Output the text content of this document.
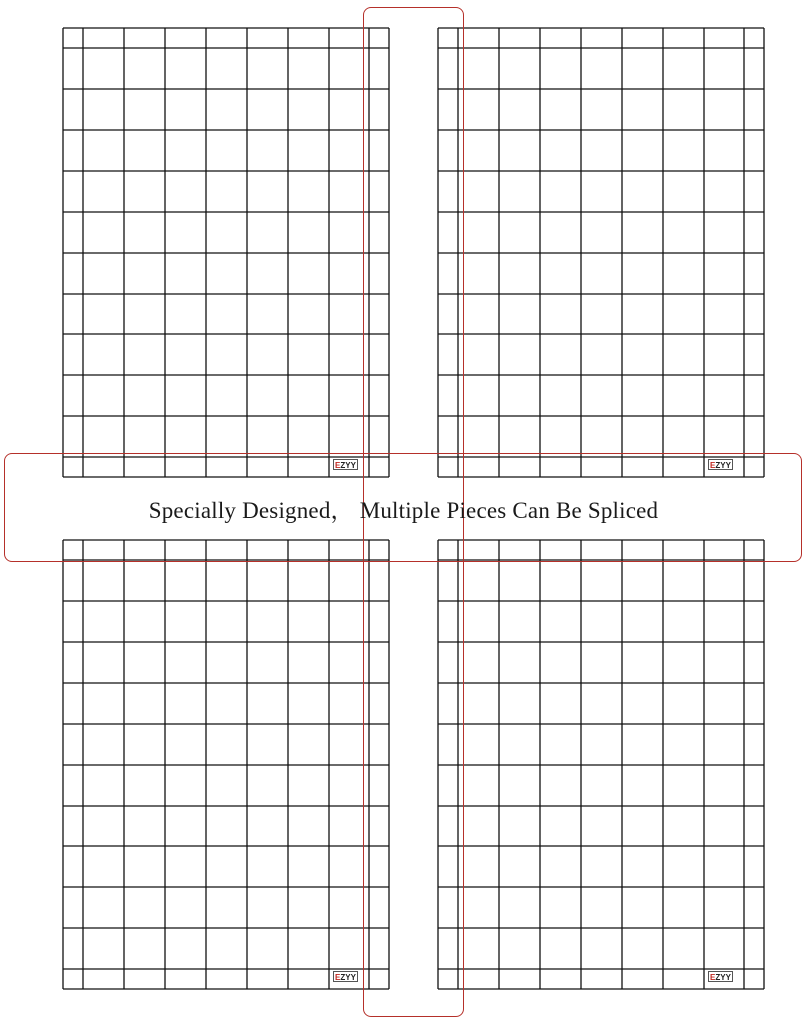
Specially Designed， Multiple Pieces Can Be Spliced
EZYY	EZYY
EZYY	EZYY
